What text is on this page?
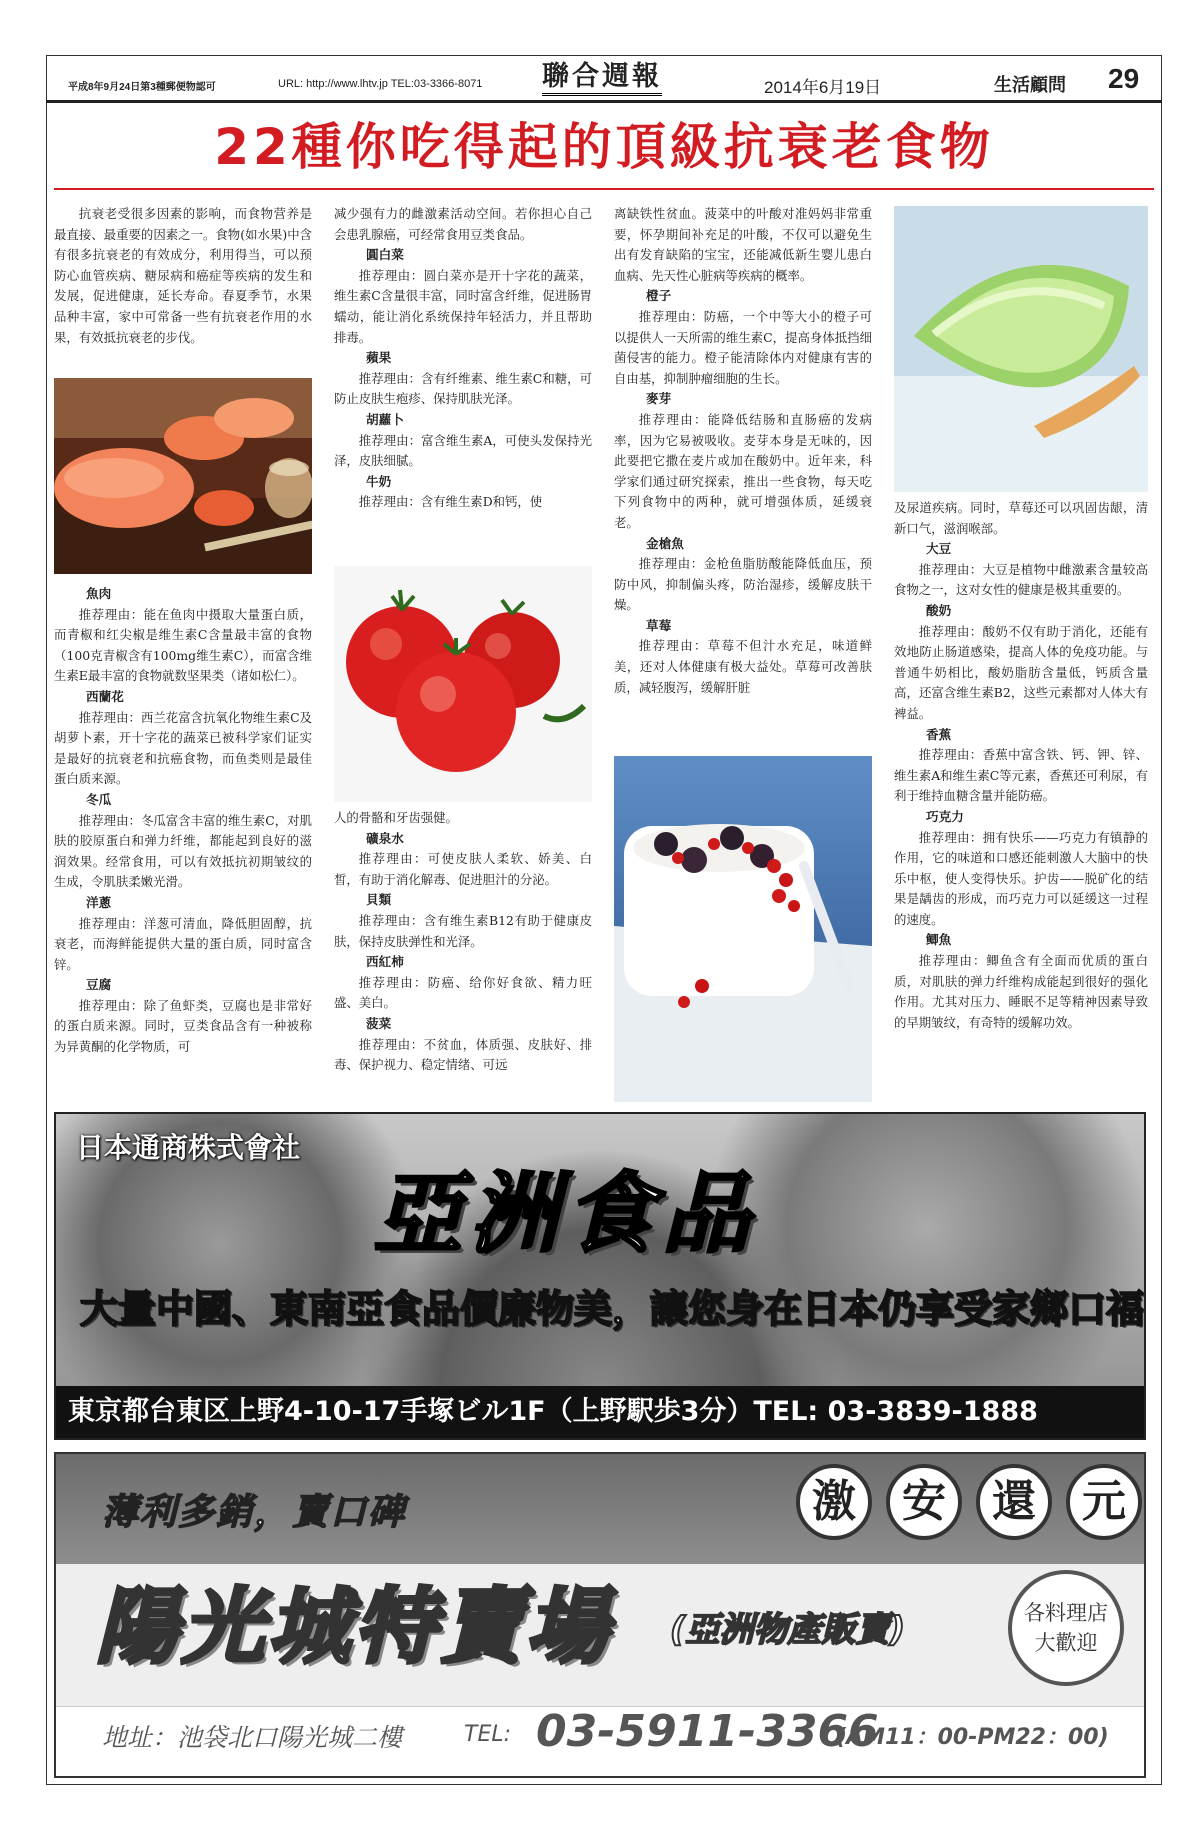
平成8年9月24日第3種郵便物認可	URL: http://www.lhtv.jp TEL:03-3366-8071 聯合週報	2014年6月19日	生活顧問 29
22種你吃得起的頂級抗衰老食物

抗衰老受很多因素的影响，而食物营养是最直接、最重要的因素之一。食物(如水果)中含有很多抗衰老的有效成分，利用得当，可以预防心血管疾病、糖尿病和癌症等疾病的发生和发展，促进健康，延长寿命。春夏季节，水果品种丰富，家中可常备一些有抗衰老作用的水果，有效抵抗衰老的步伐。

魚肉

推荐理由：能在鱼肉中摄取大量蛋白质，而青椒和红尖椒是维生素C含量最丰富的食物（100克青椒含有100mg维生素C），而富含维生素E最丰富的食物就数坚果类（诸如松仁）。

西蘭花

推荐理由：西兰花富含抗氧化物维生素C及胡萝卜素，开十字花的蔬菜已被科学家们证实是最好的抗衰老和抗癌食物，而鱼类则是最佳蛋白质来源。

冬瓜

推荐理由：冬瓜富含丰富的维生素C，对肌肤的胶原蛋白和弹力纤维，都能起到良好的滋润效果。经常食用，可以有效抵抗初期皱纹的生成，令肌肤柔嫩光滑。

洋蔥

推荐理由：洋葱可清血，降低胆固醇，抗衰老，而海鲜能提供大量的蛋白质，同时富含锌。

豆腐

推荐理由：除了鱼虾类，豆腐也是非常好的蛋白质来源。同时，豆类食品含有一种被称为异黄酮的化学物质，可

减少强有力的雌激素活动空间。若你担心自己会患乳腺癌，可经常食用豆类食品。
圓白菜

推荐理由：圆白菜亦是开十字花的蔬菜，维生素C含量很丰富，同时富含纤维，促进肠胃蠕动，能让消化系统保持年轻活力，并且帮助排毒。

蘋果

推荐理由：含有纤维素、维生素C和糖，可防止皮肤生疱疹、保持肌肤光泽。

胡蘿卜

推荐理由：富含维生素A，可使头发保持光泽，皮肤细腻。

牛奶

推荐理由：含有维生素D和钙，使

人的骨骼和牙齿强健。
礦泉水

推荐理由：可使皮肤人柔软、娇美、白皙，有助于消化解毒、促进胆汁的分泌。

貝類

推荐理由：含有维生素B12有助于健康皮肤，保持皮肤弹性和光泽。

西紅柿

推荐理由：防癌、给你好食欲、精力旺盛、美白。

菠菜

推荐理由：不贫血，体质强、皮肤好、排毒、保护视力、稳定情绪、可远

离缺铁性贫血。菠菜中的叶酸对准妈妈非常重要，怀孕期间补充足的叶酸，不仅可以避免生出有发育缺陷的宝宝，还能减低新生婴儿患白血病、先天性心脏病等疾病的概率。
橙子

推荐理由：防癌，一个中等大小的橙子可以提供人一天所需的维生素C，提高身体抵挡细菌侵害的能力。橙子能清除体内对健康有害的自由基，抑制肿瘤细胞的生长。

麥芽

推荐理由：能降低结肠和直肠癌的发病率，因为它易被吸收。麦芽本身是无味的，因此要把它撒在麦片或加在酸奶中。近年来，科学家们通过研究探索，推出一些食物，每天吃下列食物中的两种，就可增强体质，延缓衰老。

金槍魚

推荐理由：金枪鱼脂肪酸能降低血压，预防中风，抑制偏头疼，防治湿疹，缓解皮肤干燥。

草莓

推荐理由：草莓不但汁水充足，味道鲜美，还对人体健康有极大益处。草莓可改善肤质，减轻腹泻，缓解肝脏

及尿道疾病。同时，草莓还可以巩固齿龈，清新口气，滋润喉部。
大豆

推荐理由：大豆是植物中雌激素含量较高食物之一，这对女性的健康是极其重要的。

酸奶

推荐理由：酸奶不仅有助于消化，还能有效地防止肠道感染，提高人体的免疫功能。与普通牛奶相比，酸奶脂肪含量低，钙质含量高，还富含维生素B2，这些元素都对人体大有裨益。

香蕉

推荐理由：香蕉中富含铁、钙、钾、锌、维生素A和维生素C等元素，香蕉还可利尿，有利于维持血糖含量并能防癌。

巧克力

推荐理由：拥有快乐——巧克力有镇静的作用，它的味道和口感还能刺激人大脑中的快乐中枢，使人变得快乐。护齿——脱矿化的结果是龋齿的形成，而巧克力可以延缓这一过程的速度。

鲫魚

推荐理由：鲫鱼含有全面而优质的蛋白质，对肌肤的弹力纤维构成能起到很好的强化作用。尤其对压力、睡眠不足等精神因素导致的早期皱纹，有奇特的缓解功效。

日本通商株式會社
亞洲食品
大量中國、東南亞食品價廉物美，讓您身在日本仍享受家鄉口福
東京都台東区上野4-10-17手塚ビル1F（上野駅歩3分）TEL: 03-3839-1888
薄利多銷，賣口碑	激	安	還	元
陽光城特賣場 (亞洲物產販賣)	各料理店
大歡迎
地址：池袋北口陽光城二樓	TEL: 03-5911-3366
(AM11：00-PM22：00)
